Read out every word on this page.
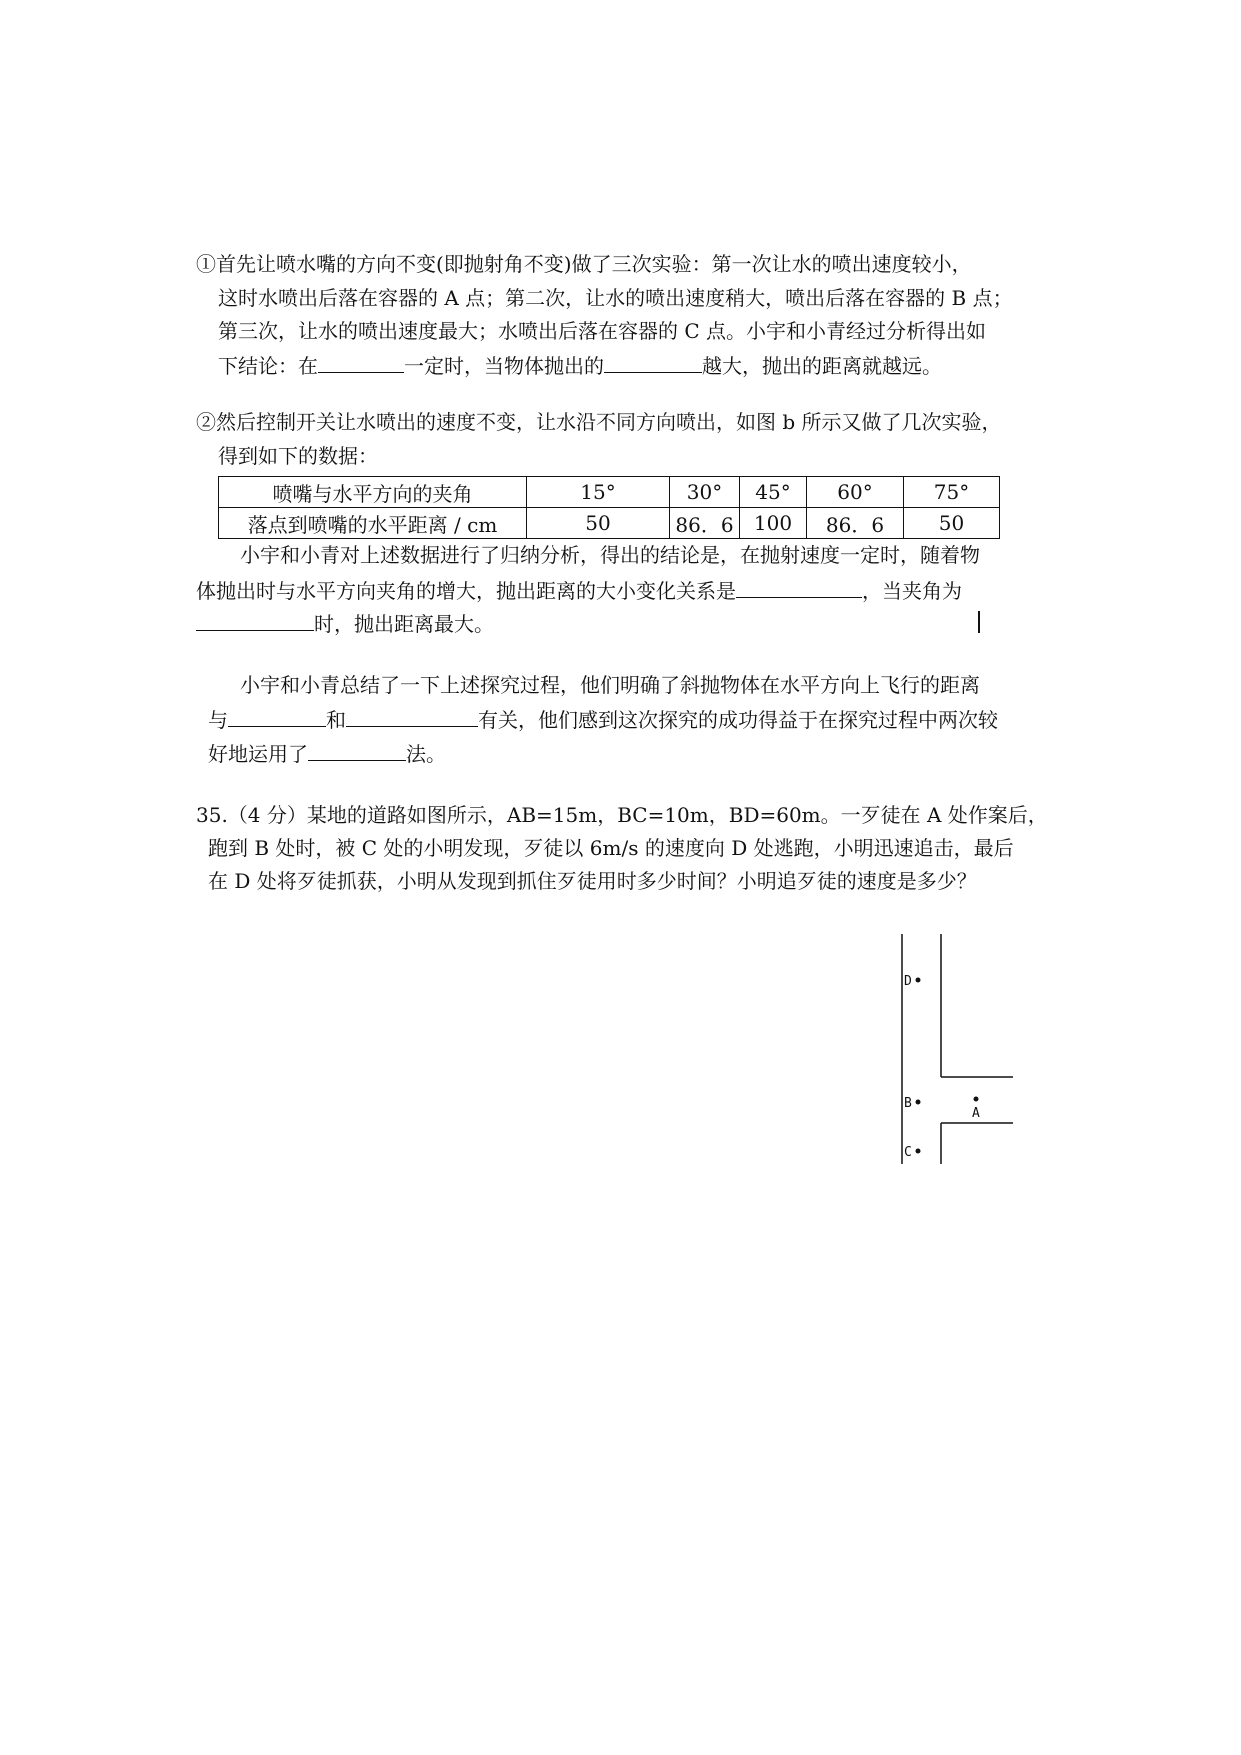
①首先让喷水嘴的方向不变(即抛射角不变)做了三次实验：第一次让水的喷出速度较小，
这时水喷出后落在容器的 A 点；第二次，让水的喷出速度稍大，喷出后落在容器的 B 点；
第三次，让水的喷出速度最大；水喷出后落在容器的 C 点。小宇和小青经过分析得出如
下结论：在	一定时，当物体抛出的	越大，抛出的距离就越远。
②然后控制开关让水喷出的速度不变，让水沿不同方向喷出，如图 b 所示又做了几次实验，
得到如下的数据：
喷嘴与水平方向的夹角	15°	30°	45°	60°	75°
落点到喷嘴的水平距离 / cm	50	86．6	100	86．6	50
小宇和小青对上述数据进行了归纳分析，得出的结论是，在抛射速度一定时，随着物
体抛出时与水平方向夹角的增大，抛出距离的大小变化关系是	，当夹角为
时，抛出距离最大。
小宇和小青总结了一下上述探究过程，他们明确了斜抛物体在水平方向上飞行的距离
与	和	有关，他们感到这次探究的成功得益于在探究过程中两次较
好地运用了	法。
35.（4 分）某地的道路如图所示，AB=15m，BC=10m，BD=60m。一歹徒在 A 处作案后，
跑到 B 处时，被 C 处的小明发现，歹徒以 6m/s 的速度向 D 处逃跑，小明迅速追击，最后
在 D 处将歹徒抓获，小明从发现到抓住歹徒用时多少时间？小明追歹徒的速度是多少？
D
B
C
A
